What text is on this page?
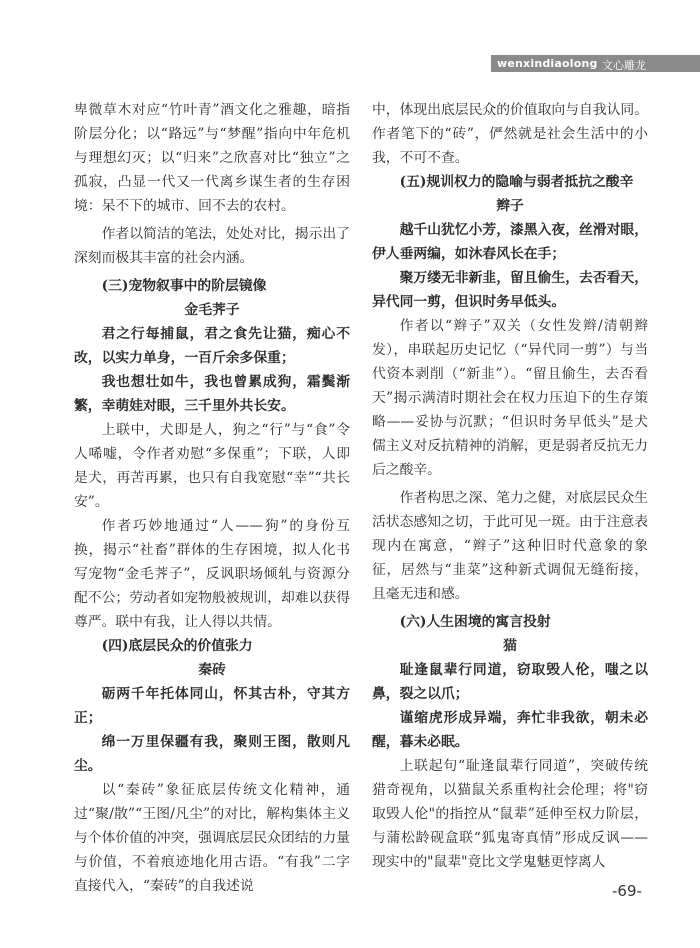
wenxindiaolong 文心雕龙

卑微草木对应“竹叶青”酒文化之雅趣，暗指阶层分化；以“路远”与“梦醒”指向中年危机与理想幻灭；以“归来”之欣喜对比“独立”之孤寂，凸显一代又一代离乡谋生者的生存困境：呆不下的城市、回不去的农村。

作者以简洁的笔法，处处对比，揭示出了深刻而极其丰富的社会内涵。

(三)宠物叙事中的阶层镜像
金毛荠子

君之行每捕鼠，君之食先让猫，痴心不改，以实力单身，一百斤余多保重；

我也想壮如牛，我也曾累成狗，霜鬓渐繁，幸萌娃对眼，三千里外共长安。

上联中，犬即是人，狗之“行”与“食”令人唏嘘，令作者劝慰“多保重”；下联，人即是犬，再苦再累，也只有自我宽慰“幸”“共长安”。

作者巧妙地通过“人——狗”的身份互换，揭示“社畜”群体的生存困境，拟人化书写宠物“金毛荠子”，反讽职场倾轧与资源分配不公；劳动者如宠物般被规训，却难以获得尊严。联中有我，让人得以共情。

(四)底层民众的价值张力
秦砖

砺两千年托体同山，怀其古朴，守其方正；

绵一万里保疆有我，聚则王图，散则凡尘。

以“秦砖”象征底层传统文化精神，通过“聚/散”“王图/凡尘”的对比，解构集体主义与个体价值的冲突，强调底层民众团结的力量与价值，不着痕迹地化用古语。“有我”二字直接代入，“秦砖”的自我述说

中，体现出底层民众的价值取向与自我认同。作者笔下的“砖”，俨然就是社会生活中的小我，不可不查。

(五)规训权力的隐喻与弱者抵抗之酸辛
辫子

越千山犹忆小芳，漆黑入夜，丝滑对眼，伊人垂两编，如沐春风长在手；

聚万缕无非新韭，留且偷生，去否看天，异代同一剪，但识时务早低头。

作者以“辫子”双关（女性发辫/清朝辫发），串联起历史记忆（“异代同一剪”）与当代资本剥削（“新韭”）。“留且偷生，去否看天”揭示满清时期社会在权力压迫下的生存策略——妥协与沉默；“但识时务早低头”是犬儒主义对反抗精神的消解，更是弱者反抗无力后之酸辛。

作者构思之深、笔力之健，对底层民众生活状态感知之切，于此可见一斑。由于注意表现内在寓意，“辫子”这种旧时代意象的象征，居然与“韭菜”这种新式调侃无缝衔接，且毫无违和感。

(六)人生困境的寓言投射
猫

耻逢鼠辈行同道，窃取毁人伦，嗤之以鼻，裂之以爪；

谨缩虎形成异端，奔忙非我欲，朝未必醒，暮未必眠。

上联起句“耻逢鼠辈行同道”，突破传统猎奇视角，以猫鼠关系重构社会伦理；将"窃取毁人伦"的指控从“鼠辈”延伸至权力阶层，与蒲松龄砚盒联“狐鬼寄真情”形成反讽——现实中的"鼠辈"竟比文学鬼魅更悖离人

-69-
